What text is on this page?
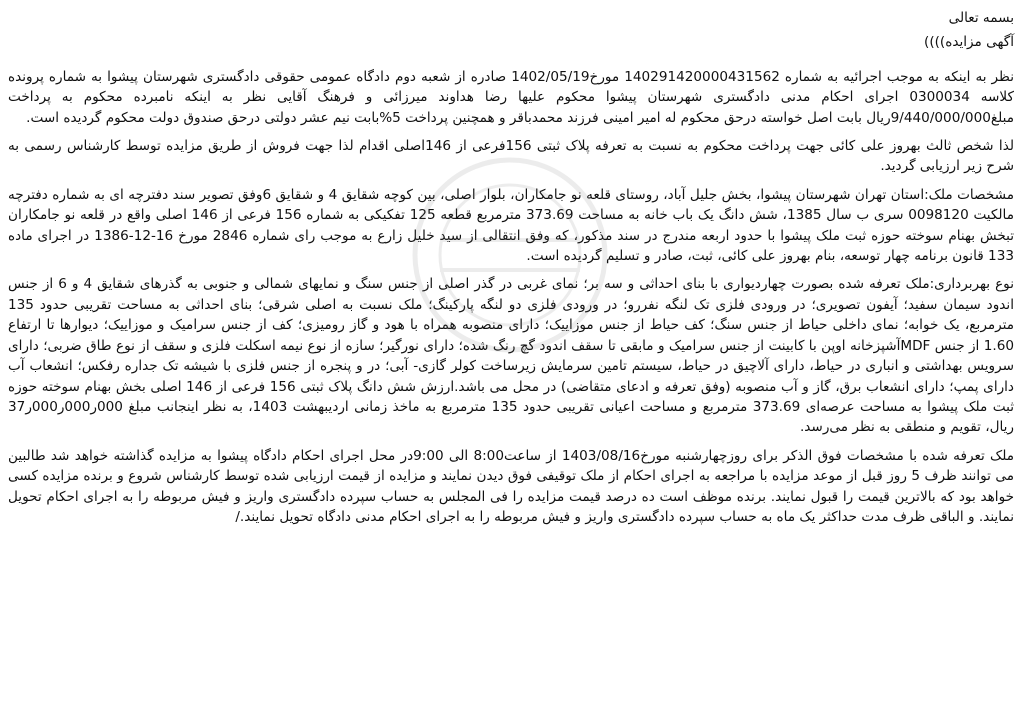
بسمه تعالی

آگهی مزایده))))

نظر به اینکه به موجب اجرائیه به شماره 140291420000431562 مورخ1402/05/19 صادره از شعبه دوم دادگاه عمومی حقوقی دادگستری شهرستان پیشوا به شماره پرونده کلاسه 0300034 اجرای احکام مدنی دادگستری شهرستان پیشوا محکوم علیها رضا هداوند میرزائی و فرهنگ آقایی نظر به اینکه نامبرده محکوم به پرداخت مبلغ9/440/000/000ریال بابت اصل خواسته درحق محکوم له امیر امینی فرزند محمدباقر و همچنین پرداخت 5%بابت نیم عشر دولتی درحق صندوق دولت محکوم گردیده است.

لذا شخص ثالث بهروز علی کائی جهت پرداخت محکوم به نسبت به تعرفه پلاک ثبتی 156فرعی از 146اصلی اقدام لذا جهت فروش از طریق مزایده توسط کارشناس رسمی به شرح زیر ارزیابی گردید.

مشخصات ملک:استان تهران شهرستان پیشوا، بخش جلیل آباد، روستای قلعه نو جامکاران، بلوار اصلی، بین کوچه شقایق 4 و شقایق 6وفق تصویر سند دفترچه ای به شماره دفترچه مالکیت 0098120 سری ب سال 1385، شش دانگ یک باب خانه به مساحت 373.69 مترمربع قطعه 125 تفکیکی به شماره 156 فرعی از 146 اصلی واقع در قلعه نو جامکاران تبخش بهنام سوخته حوزه ثبت ملک پیشوا با حدود اربعه مندرج در سند مذکور، که وفق انتقالی از سید خلیل زارع به موجب رای شماره 2846 مورخ 16-12-1386 در اجرای ماده 133 قانون برنامه چهار توسعه، بنام بهروز علی کائی، ثبت، صادر و تسلیم گردیده است.

نوع بهربرداری:ملک تعرفه شده بصورت چهاردیواری با بنای احداثی و سه بر؛ نمای غربی در گذر اصلی از جنس سنگ و نمایهای شمالی و جنوبی به گذرهای شقایق 4 و 6 از جنس اندود سیمان سفید؛ آیفون تصویری؛ در ورودی فلزی تک لنگه نفررو؛ در ورودی فلزی دو لنگه پارکینگ؛ ملک نسبت به اصلی شرقی؛ بنای احداثی به مساحت تقریبی حدود 135 مترمربع، یک خوابه؛ نمای داخلی حیاط از جنس سنگ؛ کف حیاط از جنس موزاییک؛ دارای منصوبه همراه با هود و گاز رومیزی؛ کف از جنس سرامیک و موزاییک؛ دیوارها تا ارتفاع 1.60 از جنس MDFآشپزخانه اوپن با کابینت از جنس سرامیک و مابقی تا سقف اندود گچ رنگ شده؛ دارای نورگیر؛ سازه از نوع نیمه اسکلت فلزی و سقف از نوع طاق ضربی؛ دارای سرویس بهداشتی و انباری در حیاط، دارای آلاچیق در حیاط، سیستم تامین سرمایش زیرساخت کولر گازی- آبی؛ در و پنجره از جنس فلزی با شیشه تک جداره رفکس؛ انشعاب آب دارای پمپ؛ دارای انشعاب برق، گاز و آب منصوبه (وفق تعرفه و ادعای متقاضی) در محل می باشد.ارزش شش دانگ پلاک ثبتی 156 فرعی از 146 اصلی بخش بهنام سوخته حوزه ثبت ملک پیشوا به مساحت عرصه‌ای 373.69 مترمربع و مساحت اعیانی تقریبی حدود 135 مترمربع به ماخذ زمانی اردیبهشت 1403، به نظر اینجانب مبلغ 000ر000ر000ر37 ریال، تقویم و منطقی به نظر می‌رسد.

ملک تعرفه شده با مشخصات فوق الذکر برای روزچهارشنبه مورخ1403/08/16 از ساعت8:00 الی 9:00در محل اجرای احکام دادگاه پیشوا به مزایده گذاشته خواهد شد طالبین می توانند ظرف 5 روز قبل از موعد مزایده با مراجعه به اجرای احکام از ملک توقیفی فوق دیدن نمایند و مزایده از قیمت ارزیابی شده توسط کارشناس شروع و برنده مزایده کسی خواهد بود که بالاترین قیمت را قبول نمایند. برنده موظف است ده درصد قیمت مزایده را فی المجلس به حساب سپرده دادگستری واریز و فیش مربوطه را به اجرای احکام تحویل نمایند. و الباقی ظرف مدت حداکثر یک ماه به حساب سپرده دادگستری واریز و فیش مربوطه را به اجرای احکام مدنی دادگاه تحویل نمایند./
